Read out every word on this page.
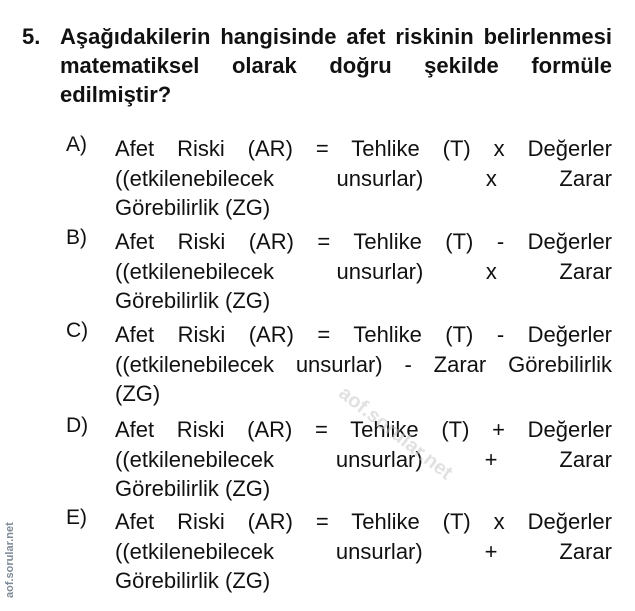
5. Aşağıdakilerin hangisinde afet riskinin belirlenmesi matematiksel olarak doğru şekilde formüle edilmiştir?
A) Afet Riski (AR) = Tehlike (T) x Değerler
((etkilenebilecek unsurlar) x Zarar
Görebilirlik (ZG)
B) Afet Riski (AR) = Tehlike (T) - Değerler
((etkilenebilecek unsurlar) x Zarar
Görebilirlik (ZG)
C) Afet Riski (AR) = Tehlike (T) - Değerler
((etkilenebilecek unsurlar) - Zarar Görebilirlik
(ZG)
D) Afet Riski (AR) = Tehlike (T) + Değerler
((etkilenebilecek unsurlar) + Zarar
Görebilirlik (ZG)
E) Afet Riski (AR) = Tehlike (T) x Değerler
((etkilenebilecek unsurlar) + Zarar
Görebilirlik (ZG)
aof.sorular.net
aof.sorular.net
